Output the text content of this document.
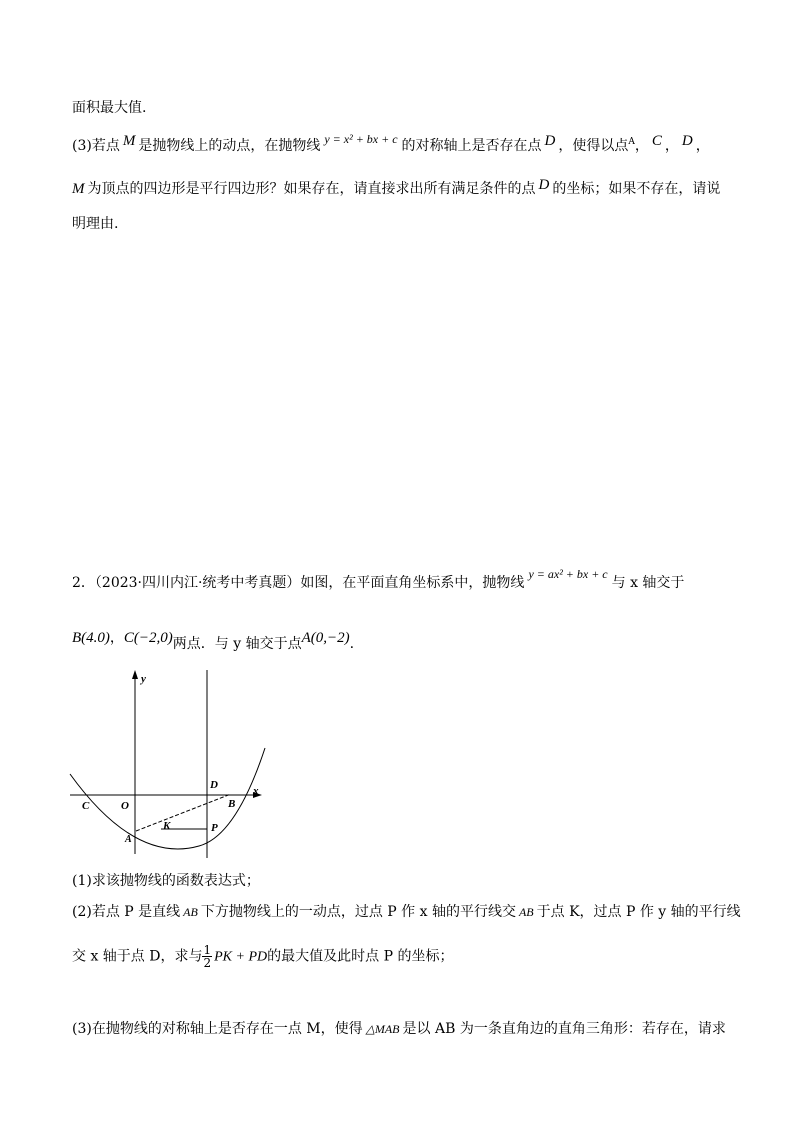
面积最大值.
(3)若点 M 是抛物线上的动点，在抛物线 y = x² + bx + c 的对称轴上是否存在点 D ，使得以点$^A$， C ， D ，
M 为顶点的四边形是平行四边形？如果存在，请直接求出所有满足条件的点 D 的坐标；如果不存在，请说
明理由.
2．（2023·四川内江·统考中考真题）如图，在平面直角坐标系中，抛物线y = ax² + bx + c与 x 轴交于
B(4.0)，C(−2,0)两点．与 y 轴交于点A(0,−2).
y
x
O
C
A
B
D
K	P
(1)求该抛物线的函数表达式；
(2)若点 P 是直线 AB 下方抛物线上的一动点，过点 P 作 x 轴的平行线交 AB 于点 K，过点 P 作 y 轴的平行线
交 x 轴于点 D，求与 $\frac{1}{2}$ PK + PD的最大值及此时点 P 的坐标；
(3)在抛物线的对称轴上是否存在一点 M，使得 △MAB 是以 AB 为一条直角边的直角三角形：若存在，请求
